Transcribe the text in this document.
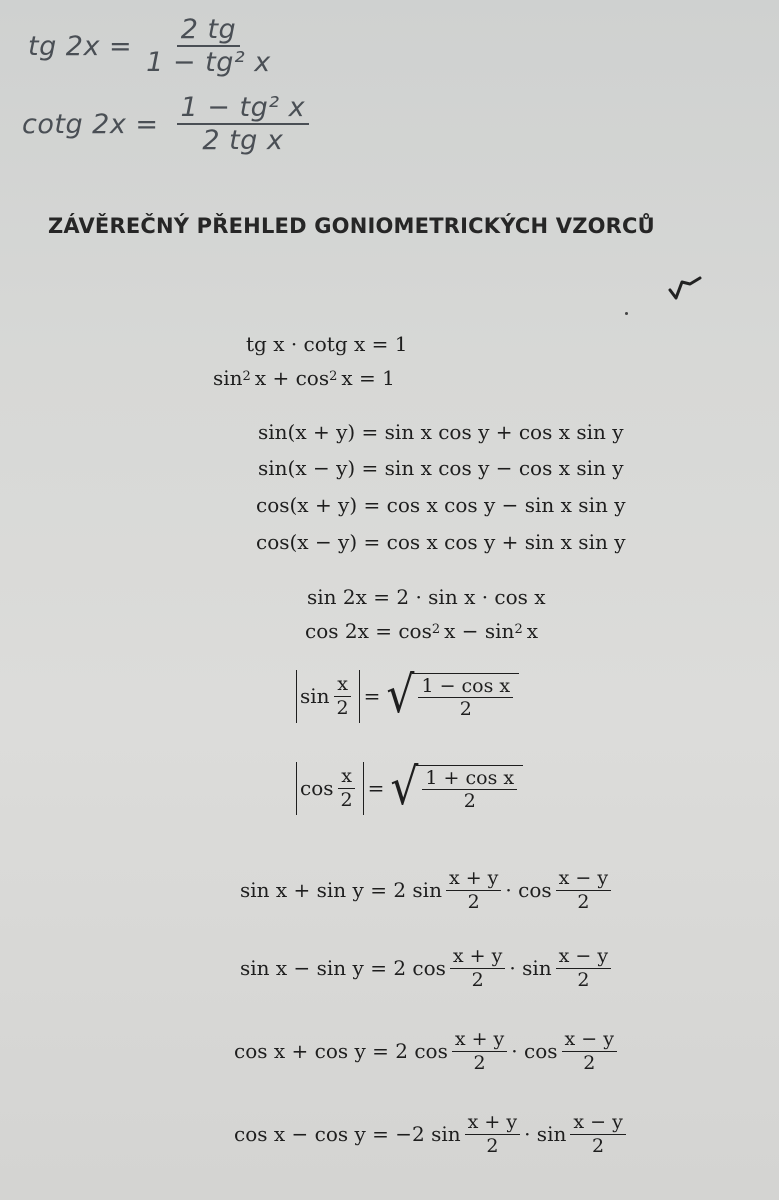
tg $2x = \frac{2 tg}{\text{1 − tg² x}}$
cotg $2x = \frac{\text{1 − tg² x}}{\text{2 tg x}}$
ZÁVĚREČNÝ PŘEHLED GONIOMETRICKÝCH VZORCŮ
tg x · cotg x = 1
$\sin^2 x + \cos^2 x = 1$
sin(x + y) = sin x cos y + cos x sin y
sin(x − y) = sin x cos y − cos x sin y
cos(x + y) = cos x cos y − sin x sin y
cos(x − y) = cos x cos y + sin x sin y
sin 2x = 2 · sin x · cos x
$\cos 2x = \cos^2 x - \sin^2 x$
$\sin \frac{x}{2}$ = √ $\frac{\text{1 − cos x}}{2}$
$\cos \frac{x}{2}$ = √ $\frac{\text{1 + cos x}}{2}$
sin x + sin y = 2 $\sin \frac{x + y}{2} \cdot \cos \frac{x - y}{2}$
sin x − sin y = 2 $\cos \frac{x + y}{2} \cdot \sin \frac{x - y}{2}$
cos x + cos y = 2 $\cos \frac{x + y}{2} \cdot \cos \frac{x - y}{2}$
cos x − cos y = −2 $\sin \frac{x + y}{2} \cdot \sin \frac{x - y}{2}$
